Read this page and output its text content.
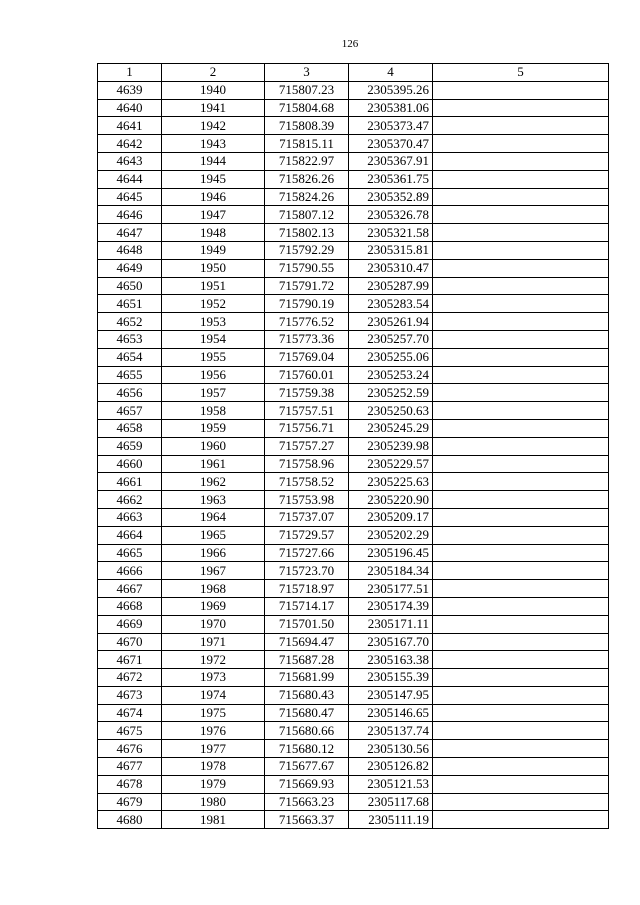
126
1	2	3	4	5
4639	1940	715807.23	2305395.26	
4640	1941	715804.68	2305381.06	
4641	1942	715808.39	2305373.47	
4642	1943	715815.11	2305370.47	
4643	1944	715822.97	2305367.91	
4644	1945	715826.26	2305361.75	
4645	1946	715824.26	2305352.89	
4646	1947	715807.12	2305326.78	
4647	1948	715802.13	2305321.58	
4648	1949	715792.29	2305315.81	
4649	1950	715790.55	2305310.47	
4650	1951	715791.72	2305287.99	
4651	1952	715790.19	2305283.54	
4652	1953	715776.52	2305261.94	
4653	1954	715773.36	2305257.70	
4654	1955	715769.04	2305255.06	
4655	1956	715760.01	2305253.24	
4656	1957	715759.38	2305252.59	
4657	1958	715757.51	2305250.63	
4658	1959	715756.71	2305245.29	
4659	1960	715757.27	2305239.98	
4660	1961	715758.96	2305229.57	
4661	1962	715758.52	2305225.63	
4662	1963	715753.98	2305220.90	
4663	1964	715737.07	2305209.17	
4664	1965	715729.57	2305202.29	
4665	1966	715727.66	2305196.45	
4666	1967	715723.70	2305184.34	
4667	1968	715718.97	2305177.51	
4668	1969	715714.17	2305174.39	
4669	1970	715701.50	2305171.11	
4670	1971	715694.47	2305167.70	
4671	1972	715687.28	2305163.38	
4672	1973	715681.99	2305155.39	
4673	1974	715680.43	2305147.95	
4674	1975	715680.47	2305146.65	
4675	1976	715680.66	2305137.74	
4676	1977	715680.12	2305130.56	
4677	1978	715677.67	2305126.82	
4678	1979	715669.93	2305121.53	
4679	1980	715663.23	2305117.68	
4680	1981	715663.37	2305111.19	
